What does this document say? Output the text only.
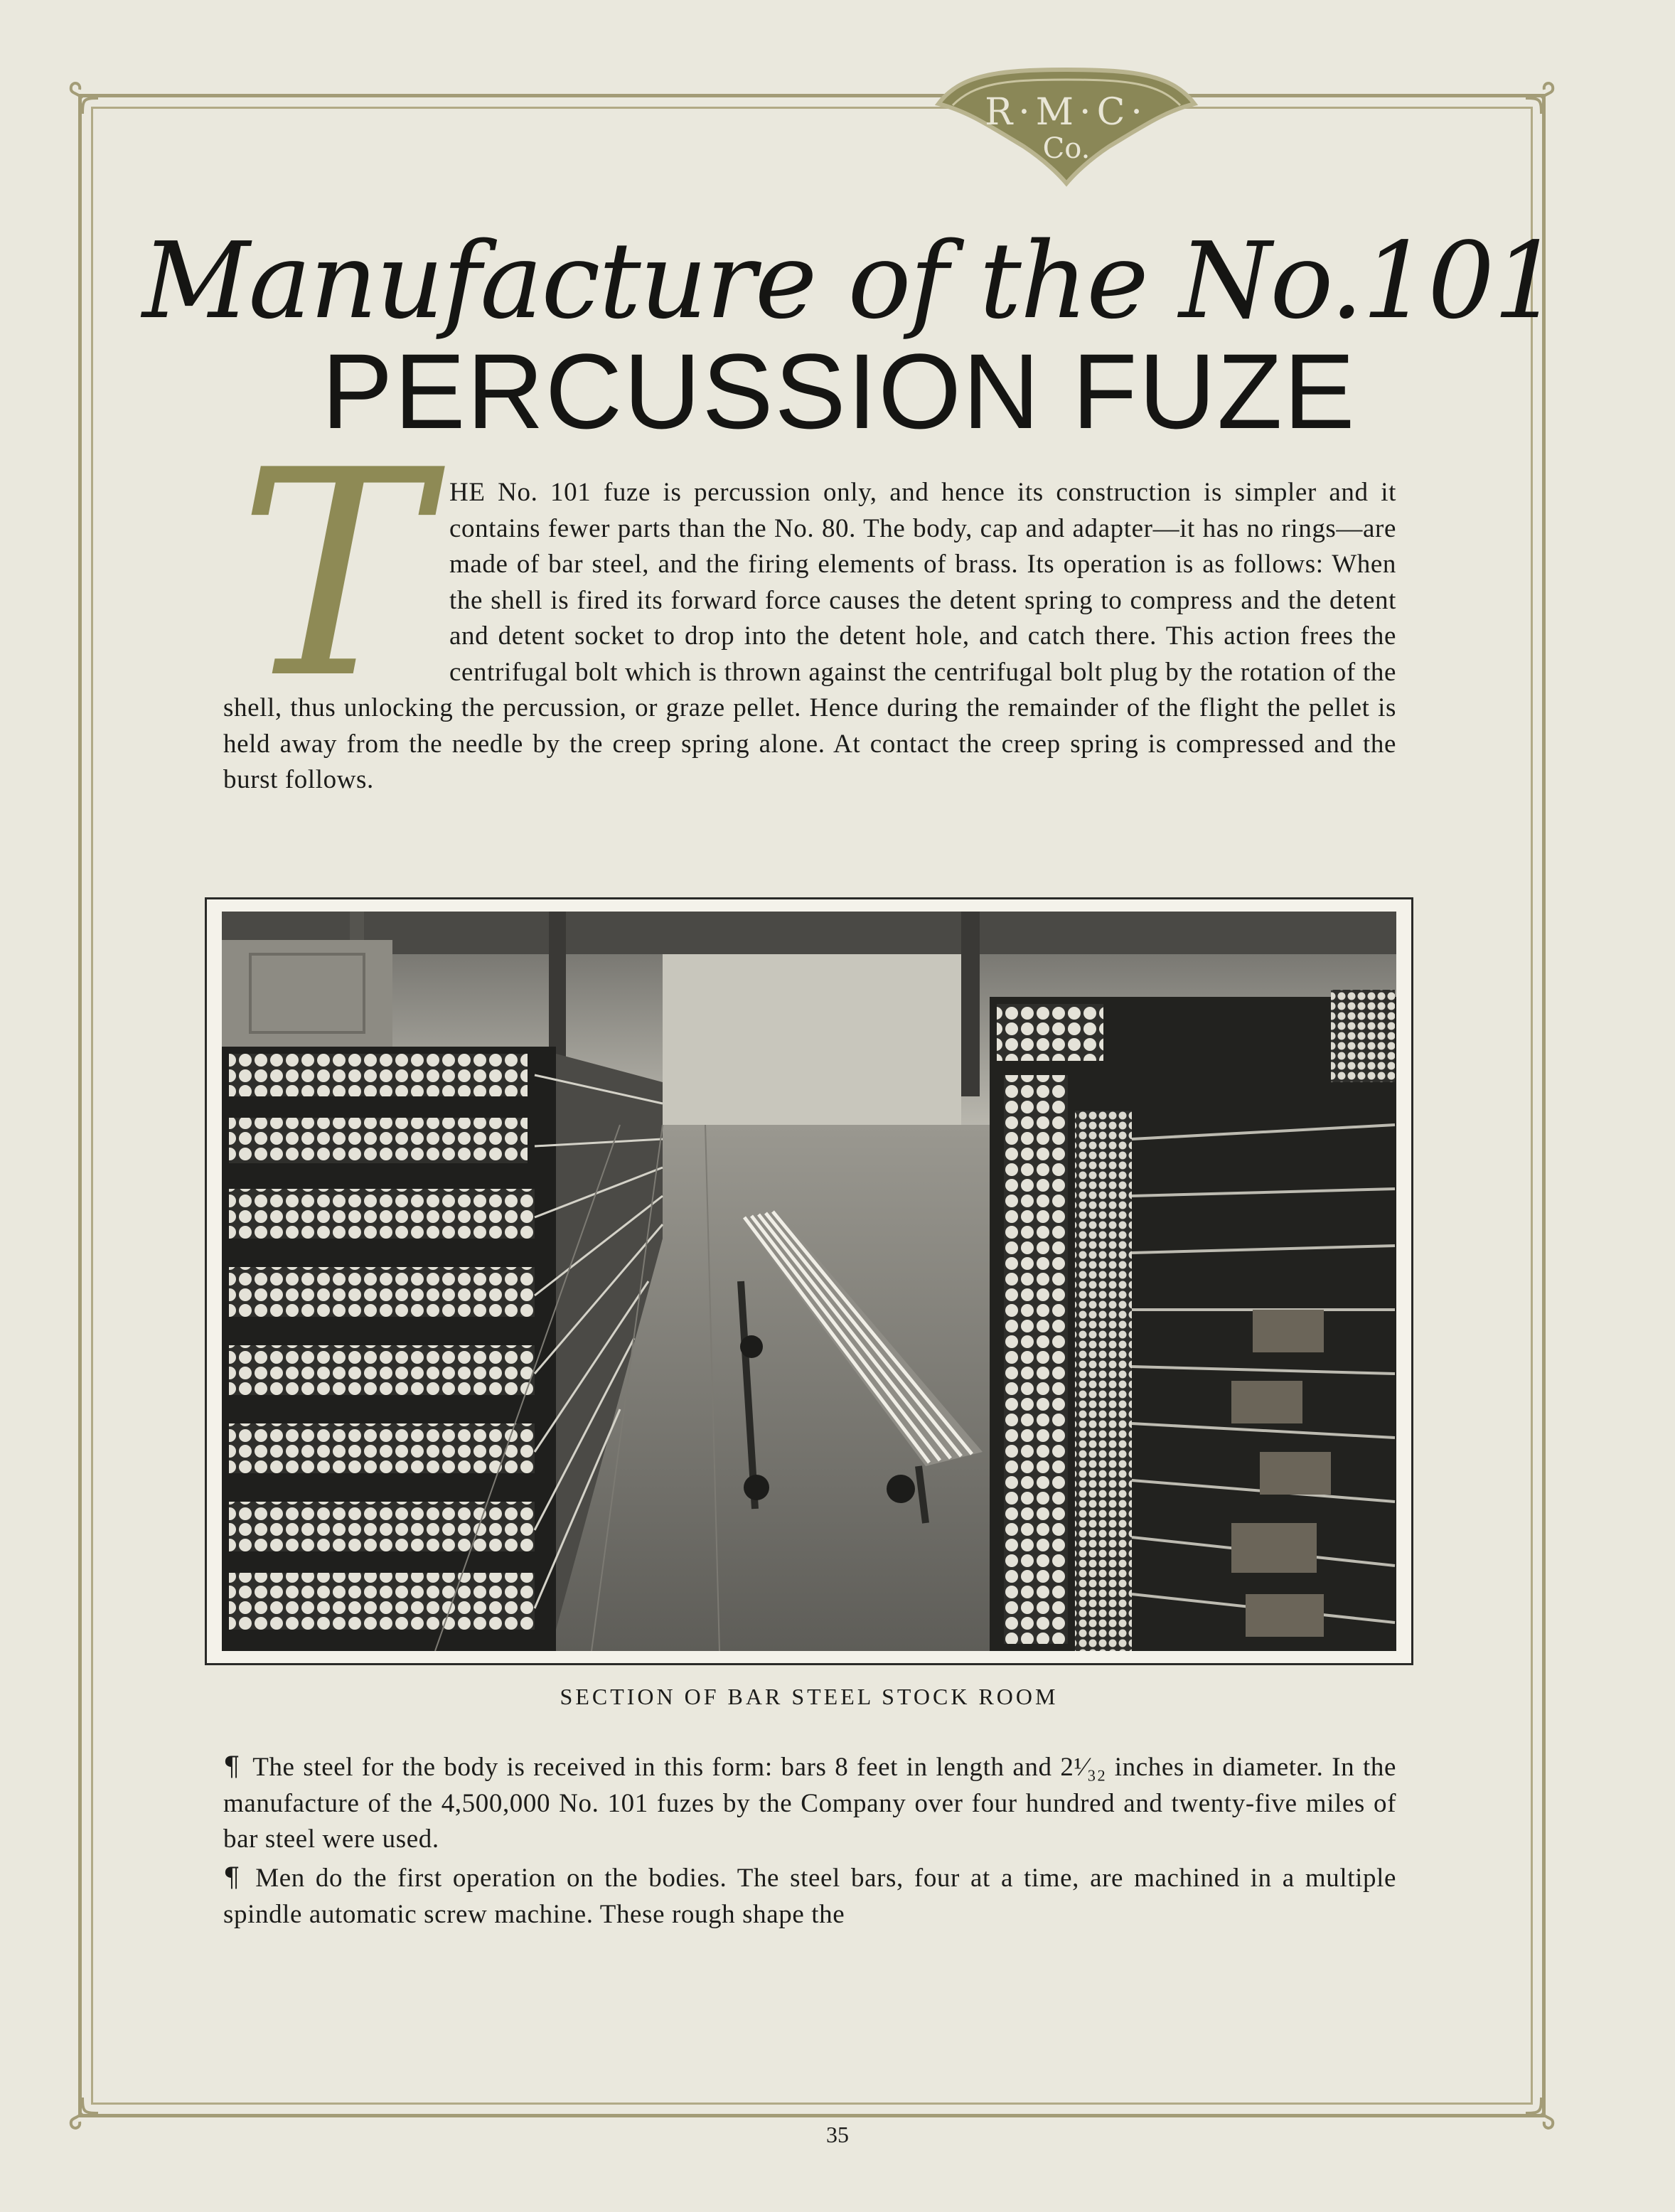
R·M·C·
Co.
Manufacture of the No.101
PERCUSSION FUZE
T HE No. 101 fuze is percussion only, and hence its construction is simpler and it contains fewer parts than the No. 80. The body, cap and adapter—it has no rings—are made of bar steel, and the firing elements of brass. Its operation is as follows: When the shell is fired its forward force causes the detent spring to compress and the detent and detent socket to drop into the detent hole, and catch there. This action frees the centrifugal bolt which is thrown against the centrifugal bolt plug by the rotation of the shell, thus unlocking the percussion, or graze pellet. Hence during the remainder of the flight the pellet is held away from the needle by the creep spring alone. At contact the creep spring is compressed and the burst follows.
SECTION OF BAR STEEL STOCK ROOM
¶ The steel for the body is received in this form: bars 8 feet in length and 2¹⁄₃₂ inches in diameter. In the manufacture of the 4,500,000 No. 101 fuzes by the Company over four hundred and twenty-five miles of bar steel were used.
¶ Men do the first operation on the bodies. The steel bars, four at a time, are machined in a multiple spindle automatic screw machine. These rough shape the
35
